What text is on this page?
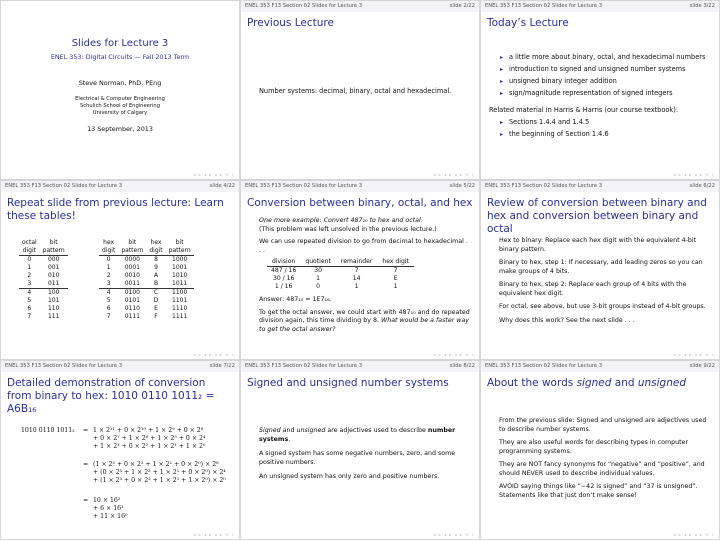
Slides for Lecture 3
ENEL 353: Digital Circuits — Fall 2013 Term
Steve Norman, PhD, PEng
Electrical & Computer Engineering
Schulich School of Engineering
University of Calgary
13 September, 2013
◂ ▸ ◂ ▸ ◂ ▸ ⟲ ⌕
ENEL 353 F13 Section 02 Slides for Lecture 3	slide 2/22
Previous Lecture
Number systems: decimal, binary, octal and hexadecimal.
◂ ▸ ◂ ▸ ◂ ▸ ⟲ ⌕
ENEL 353 F13 Section 02 Slides for Lecture 3	slide 3/22
Today’s Lecture
▸ a little more about binary, octal, and hexadecimal numbers
▸ introduction to signed and unsigned number systems
▸ unsigned binary integer addition
▸ sign/magnitude representation of signed integers
Related material in Harris & Harris (our course textbook):
▸ Sections 1.4.4 and 1.4.5
▸ the beginning of Section 1.4.6
◂ ▸ ◂ ▸ ◂ ▸ ⟲ ⌕
ENEL 353 F13 Section 02 Slides for Lecture 3	slide 4/22
Repeat slide from previous lecture: Learn these tables!
octal
digit	bit
pattern
0	000
1	001
2	010
3	011
4	100
5	101
6	110
7	111
hex
digit	bit
pattern	hex
digit	bit
pattern
0	0000	8	1000
1	0001	9	1001
2	0010	A	1010
3	0011	B	1011
4	0100	C	1100
5	0101	D	1101
6	0110	E	1110
7	0111	F	1111
◂ ▸ ◂ ▸ ◂ ▸ ⟲ ⌕
ENEL 353 F13 Section 02 Slides for Lecture 3	slide 5/22
Conversion between binary, octal, and hex
One more example: Convert 487₁₀ to hex and octal.
(This problem was left unsolved in the previous lecture.)
We can use repeated division to go from decimal to hexadecimal . . .
division	quotient	remainder	hex digit
487 / 16	30	7	7
30 / 16	1	14	E
1 / 16	0	1	1
Answer: 487₁₀ = 1E7₁₆.
To get the octal answer, we could start with 487₁₀ and do repeated division again, this time dividing by 8. What would be a faster way to get the octal answer?
◂ ▸ ◂ ▸ ◂ ▸ ⟲ ⌕
ENEL 353 F13 Section 02 Slides for Lecture 3	slide 6/22
Review of conversion between binary and hex and conversion between binary and octal
Hex to binary: Replace each hex digit with the equivalent 4-bit binary pattern.
Binary to hex, step 1: If necessary, add leading zeros so you can make groups of 4 bits.
Binary to hex, step 2: Replace each group of 4 bits with the equivalent hex digit.
For octal, see above, but use 3-bit groups instead of 4-bit groups.
Why does this work? See the next slide . . .
◂ ▸ ◂ ▸ ◂ ▸ ⟲ ⌕
ENEL 353 F13 Section 02 Slides for Lecture 3	slide 7/22
Detailed demonstration of conversion from binary to hex: 1010 0110 1011₂ = A6B₁₆
1010 0110 1011₂ = 1 × 2¹¹ + 0 × 2¹⁰ + 1 × 2⁹ + 0 × 2⁸
+ 0 × 2⁷ + 1 × 2⁶ + 1 × 2⁵ + 0 × 2⁴
+ 1 × 2³ + 0 × 2² + 1 × 2¹ + 1 × 2⁰
= (1 × 2³ + 0 × 2² + 1 × 2¹ + 0 × 2⁰) × 2⁸
+ (0 × 2³ + 1 × 2² + 1 × 2¹ + 0 × 2⁰) × 2⁴
+ (1 × 2³ + 0 × 2² + 1 × 2¹ + 1 × 2⁰) × 2⁰
= 10 × 16²
+ 6 × 16¹
+ 11 × 16⁰
◂ ▸ ◂ ▸ ◂ ▸ ⟲ ⌕
ENEL 353 F13 Section 02 Slides for Lecture 3	slide 8/22
Signed and unsigned number systems
Signed and unsigned are adjectives used to describe number systems.
A signed system has some negative numbers, zero, and some positive numbers.
An unsigned system has only zero and positive numbers.
◂ ▸ ◂ ▸ ◂ ▸ ⟲ ⌕
ENEL 353 F13 Section 02 Slides for Lecture 3	slide 9/22
About the words signed and unsigned
From the previous slide: Signed and unsigned are adjectives used to describe number systems.
They are also useful words for describing types in computer programming systems.
They are NOT fancy synonyms for “negative” and “positive”, and should NEVER used to describe individual values.
AVOID saying things like “−42 is signed” and “37 is unsigned”. Statements like that just don’t make sense!
◂ ▸ ◂ ▸ ◂ ▸ ⟲ ⌕
